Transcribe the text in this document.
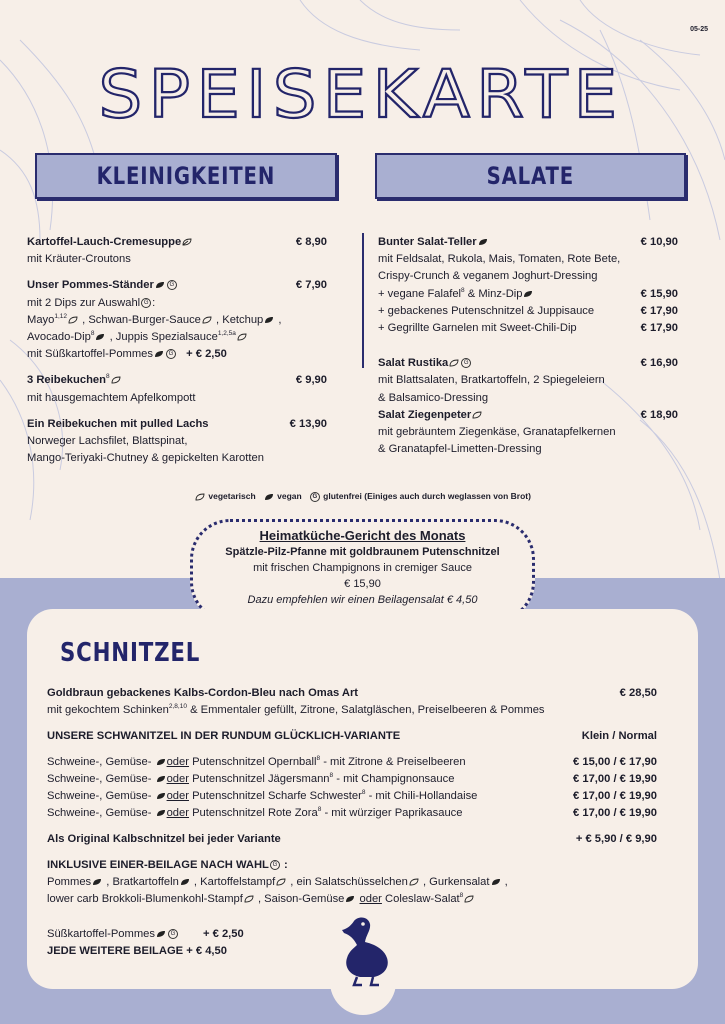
05-25
SPEISEKARTE
KLEINIGKEITEN	SALATE
Kartoffel-Lauch-Cremesuppe	€ 8,90
mit Kräuter-Croutons
Unser Pommes-Ständer	G	€ 7,90
mit 2 Dips zur Auswahl G :
Mayo$^{1,12}$ , Schwan-Burger-Sauce , Ketchup ,
Avocado-Dip$^8$ , Juppis Spezialsauce$^{1,2,5a}$
mit Süßkartoffel-Pommes	G + € 2,50
3 Reibekuchen$^8$	€ 9,90
mit hausgemachtem Apfelkompott
Ein Reibekuchen mit pulled Lachs	€ 13,90
Norweger Lachsfilet, Blattspinat,
Mango-Teriyaki-Chutney & gepickelten Karotten
Bunter Salat-Teller	€ 10,90
mit Feldsalat, Rukola, Mais, Tomaten, Rote Bete,
Crispy-Crunch & veganem Joghurt-Dressing
+ vegane Falafel$^8$ & Minz-Dip	€ 15,90
+ gebackenes Putenschnitzel & Juppisauce	€ 17,90
+ Gegrillte Garnelen mit Sweet-Chili-Dip	€ 17,90
Salat Rustika	G	€ 16,90
mit Blattsalaten, Bratkartoffeln, 2 Spiegeleiern
& Balsamico-Dressing
Salat Ziegenpeter	€ 18,90
mit gebräuntem Ziegenkäse, Granatapfelkernen
& Granatapfel-Limetten-Dressing
vegetarisch	vegan G glutenfrei (Einiges auch durch weglassen von Brot)
Heimatküche-Gericht des Monats
Spätzle-Pilz-Pfanne mit goldbraunem Putenschnitzel
mit frischen Champignons in cremiger Sauce
€ 15,90
Dazu empfehlen wir einen Beilagensalat € 4,50
SCHNITZEL
Goldbraun gebackenes Kalbs-Cordon-Bleu nach Omas Art	€ 28,50
mit gekochtem Schinken$^{2,8,10}$ & Emmentaler gefüllt, Zitrone, Salatgläschen, Preiselbeeren & Pommes
UNSERE SCHWANITZEL IN DER RUNDUM GLÜCKLICH-VARIANTE	Klein / Normal
Schweine-, Gemüse- oder Putenschnitzel Opernball$^8$ - mit Zitrone & Preiselbeeren	€ 15,00 / € 17,90
Schweine-, Gemüse- oder Putenschnitzel Jägersmann$^8$ - mit Champignonsauce	€ 17,00 / € 19,90
Schweine-, Gemüse- oder Putenschnitzel Scharfe Schwester$^8$ - mit Chili-Hollandaise	€ 17,00 / € 19,90
Schweine-, Gemüse- oder Putenschnitzel Rote Zora$^8$ - mit würziger Paprikasauce	€ 17,00 / € 19,90
Als Original Kalbschnitzel bei jeder Variante	+ € 5,90 / € 9,90
INKLUSIVE EINER-BEILAGE NACH WAHL G :
Pommes , Bratkartoffeln , Kartoffelstampf , ein Salatschüsselchen , Gurkensalat ,
lower carb Brokkoli-Blumenkohl-Stampf , Saison-Gemüse oder Coleslaw-Salat$^8$
Süßkartoffel-Pommes	G + € 2,50
JEDE WEITERE BEILAGE + € 4,50
